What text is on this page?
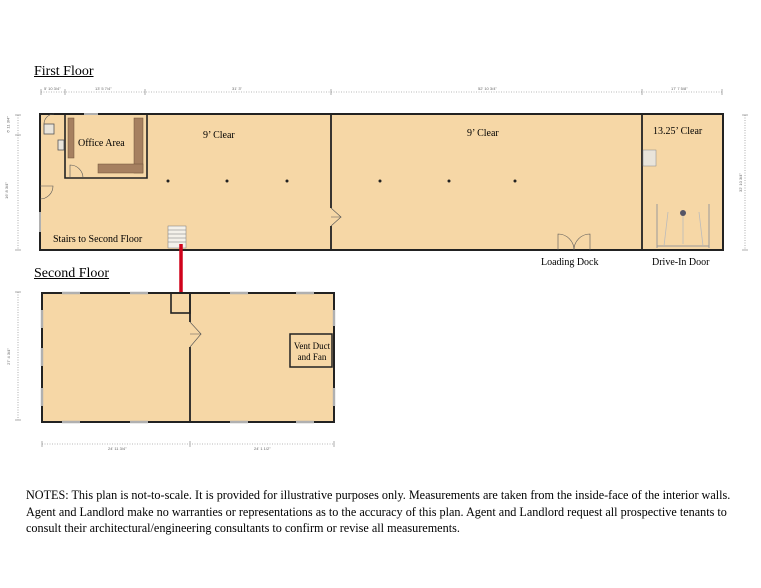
First Floor
Second Floor
5' 10 3/4"	13' 5 7/4"	31' 3"	52' 10 3/4"	17' 7 5/8"
6' 11 3/4"
16' 8 3/4"	32' 10 3/4"
Office Area
9’ Clear	9’ Clear	13.25’ Clear
Stairs to Second Floor
Loading Dock	Drive-In Door
27' 4 3/4"
24' 11 3/4"	24' 1 1/2"
Vent Duct
and Fan
NOTES: This plan is not-to-scale. It is provided for illustrative purposes only. Measurements are taken from the inside-face of the interior walls. Agent and Landlord make no warranties or representations as to the accuracy of this plan. Agent and Landlord request all prospective tenants to consult their architectural/engineering consultants to confirm or revise all measurements.
